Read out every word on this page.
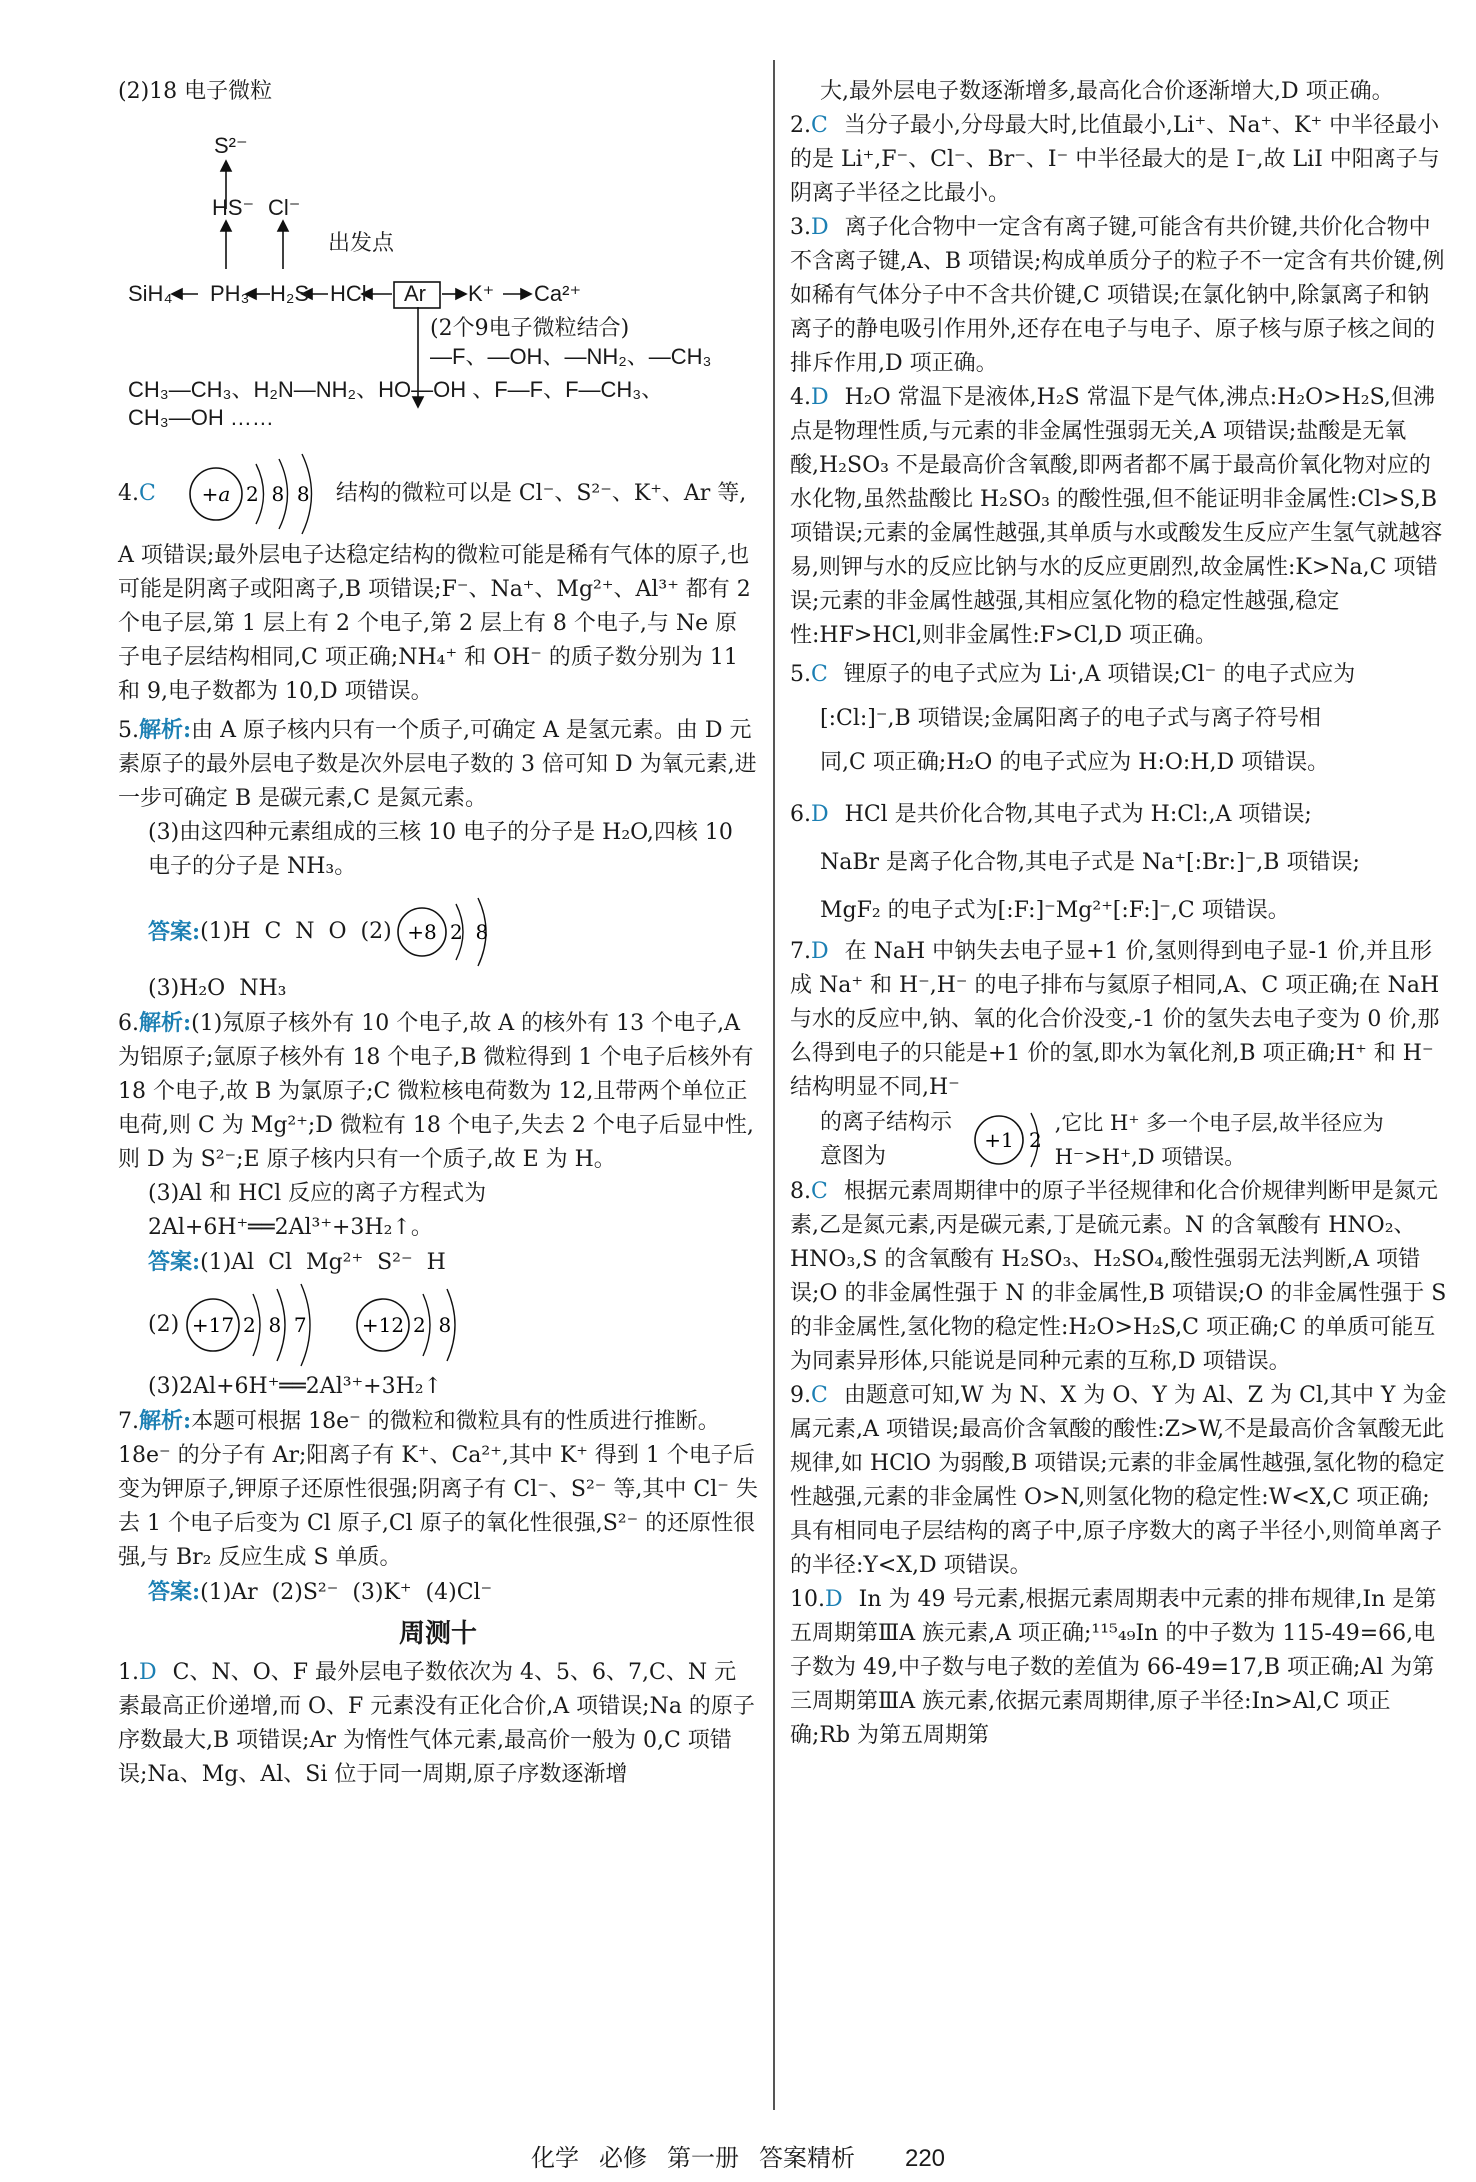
(2)18 电子微粒

S²⁻
HS⁻ Cl⁻
出发点
SiH₄ PH₃ H₂S HCl Ar K⁺ Ca²⁺
(2个9电子微粒结合)
—F、—OH、—NH₂、—CH₃
CH₃—CH₃、H₂N—NH₂、HO—OH 、F—F、F—CH₃、
CH₃—OH ……
4. C +a 2  8  8 结构的微粒可以是 Cl⁻、S²⁻、K⁺、Ar 等,

A 项错误;最外层电子达稳定结构的微粒可能是稀有气体的原子,也可能是阴离子或阳离子,B 项错误;F⁻、Na⁺、Mg²⁺、Al³⁺ 都有 2 个电子层,第 1 层上有 2 个电子,第 2 层上有 8 个电子,与 Ne 原子电子层结构相同,C 项正确;NH₄⁺ 和 OH⁻ 的质子数分别为 11 和 9,电子数都为 10,D 项错误。

5.解析:由 A 原子核内只有一个质子,可确定 A 是氢元素。由 D 元素原子的最外层电子数是次外层电子数的 3 倍可知 D 为氧元素,进一步可确定 B 是碳元素,C 是氮元素。

(3)由这四种元素组成的三核 10 电子的分子是 H₂O,四核 10 电子的分子是 NH₃。

答案: (1)H  C  N  O  (2) +8 2  8

(3)H₂O  NH₃

6.解析:(1)氖原子核外有 10 个电子,故 A 的核外有 13 个电子,A 为铝原子;氩原子核外有 18 个电子,B 微粒得到 1 个电子后核外有 18 个电子,故 B 为氯原子;C 微粒核电荷数为 12,且带两个单位正电荷,则 C 为 Mg²⁺;D 微粒有 18 个电子,失去 2 个电子后显中性,则 D 为 S²⁻;E 原子核内只有一个质子,故 E 为 H。

(3)Al 和 HCl 反应的离子方程式为 2Al+6H⁺══2Al³⁺+3H₂↑。

答案:(1)Al  Cl  Mg²⁺  S²⁻  H

(2) +17 2  8  7	+12 2  8

(3)2Al+6H⁺══2Al³⁺+3H₂↑

7.解析:本题可根据 18e⁻ 的微粒和微粒具有的性质进行推断。18e⁻ 的分子有 Ar;阳离子有 K⁺、Ca²⁺,其中 K⁺ 得到 1 个电子后变为钾原子,钾原子还原性很强;阴离子有 Cl⁻、S²⁻ 等,其中 Cl⁻ 失去 1 个电子后变为 Cl 原子,Cl 原子的氧化性很强,S²⁻ 的还原性很强,与 Br₂ 反应生成 S 单质。

答案:(1)Ar  (2)S²⁻  (3)K⁺  (4)Cl⁻

周测十

1.D C、N、O、F 最外层电子数依次为 4、5、6、7,C、N 元素最高正价递增,而 O、F 元素没有正化合价,A 项错误;Na 的原子序数最大,B 项错误;Ar 为惰性气体元素,最高价一般为 0,C 项错误;Na、Mg、Al、Si 位于同一周期,原子序数逐渐增

大,最外层电子数逐渐增多,最高化合价逐渐增大,D 项正确。

2.C 当分子最小,分母最大时,比值最小,Li⁺、Na⁺、K⁺ 中半径最小的是 Li⁺,F⁻、Cl⁻、Br⁻、I⁻ 中半径最大的是 I⁻,故 LiI 中阳离子与阴离子半径之比最小。

3.D 离子化合物中一定含有离子键,可能含有共价键,共价化合物中不含离子键,A、B 项错误;构成单质分子的粒子不一定含有共价键,例如稀有气体分子中不含共价键,C 项错误;在氯化钠中,除氯离子和钠离子的静电吸引作用外,还存在电子与电子、原子核与原子核之间的排斥作用,D 项正确。

4.D H₂O 常温下是液体,H₂S 常温下是气体,沸点:H₂O>H₂S,但沸点是物理性质,与元素的非金属性强弱无关,A 项错误;盐酸是无氧酸,H₂SO₃ 不是最高价含氧酸,即两者都不属于最高价氧化物对应的水化物,虽然盐酸比 H₂SO₃ 的酸性强,但不能证明非金属性:Cl>S,B 项错误;元素的金属性越强,其单质与水或酸发生反应产生氢气就越容易,则钾与水的反应比钠与水的反应更剧烈,故金属性:K>Na,C 项错误;元素的非金属性越强,其相应氢化物的稳定性越强,稳定性:HF>HCl,则非金属性:F>Cl,D 项正确。

5.C 锂原子的电子式应为 Li·,A 项错误;Cl⁻ 的电子式应为

[:Cl:]⁻,B 项错误;金属阳离子的电子式与离子符号相

同,C 项正确;H₂O 的电子式应为 H:O:H,D 项错误。

6.D HCl 是共价化合物,其电子式为 H:Cl:,A 项错误;

NaBr 是离子化合物,其电子式是 Na⁺[:Br:]⁻,B 项错误;

MgF₂ 的电子式为[:F:]⁻Mg²⁺[:F:]⁻,C 项错误。

7.D 在 NaH 中钠失去电子显+1 价,氢则得到电子显-1 价,并且形成 Na⁺ 和 H⁻,H⁻ 的电子排布与氦原子相同,A、C 项正确;在 NaH 与水的反应中,钠、氧的化合价没变,-1 价的氢失去电子变为 0 价,那么得到电子的只能是+1 价的氢,即水为氧化剂,B 项正确;H⁺ 和 H⁻ 结构明显不同,H⁻

的离子结构示意图为
+1 2
,它比 H⁺ 多一个电子层,故半径应为 H⁻>H⁺,D 项错误。

8.C 根据元素周期律中的原子半径规律和化合价规律判断甲是氮元素,乙是氮元素,丙是碳元素,丁是硫元素。N 的含氧酸有 HNO₂、HNO₃,S 的含氧酸有 H₂SO₃、H₂SO₄,酸性强弱无法判断,A 项错误;O 的非金属性强于 N 的非金属性,B 项错误;O 的非金属性强于 S 的非金属性,氢化物的稳定性:H₂O>H₂S,C 项正确;C 的单质可能互为同素异形体,只能说是同种元素的互称,D 项错误。

9.C 由题意可知,W 为 N、X 为 O、Y 为 Al、Z 为 Cl,其中 Y 为金属元素,A 项错误;最高价含氧酸的酸性:Z>W,不是最高价含氧酸无此规律,如 HClO 为弱酸,B 项错误;元素的非金属性越强,氢化物的稳定性越强,元素的非金属性 O>N,则氢化物的稳定性:W<X,C 项正确;具有相同电子层结构的离子中,原子序数大的离子半径小,则简单离子的半径:Y<X,D 项错误。

10.D In 为 49 号元素,根据元素周期表中元素的排布规律,In 是第五周期第ⅢA 族元素,A 项正确;¹¹⁵₄₉In 的中子数为 115-49=66,电子数为 49,中子数与电子数的差值为 66-49=17,B 项正确;Al 为第三周期第ⅢA 族元素,依据元素周期律,原子半径:In>Al,C 项正确;Rb 为第五周期第

化学 必修 第一册 答案精析 220
